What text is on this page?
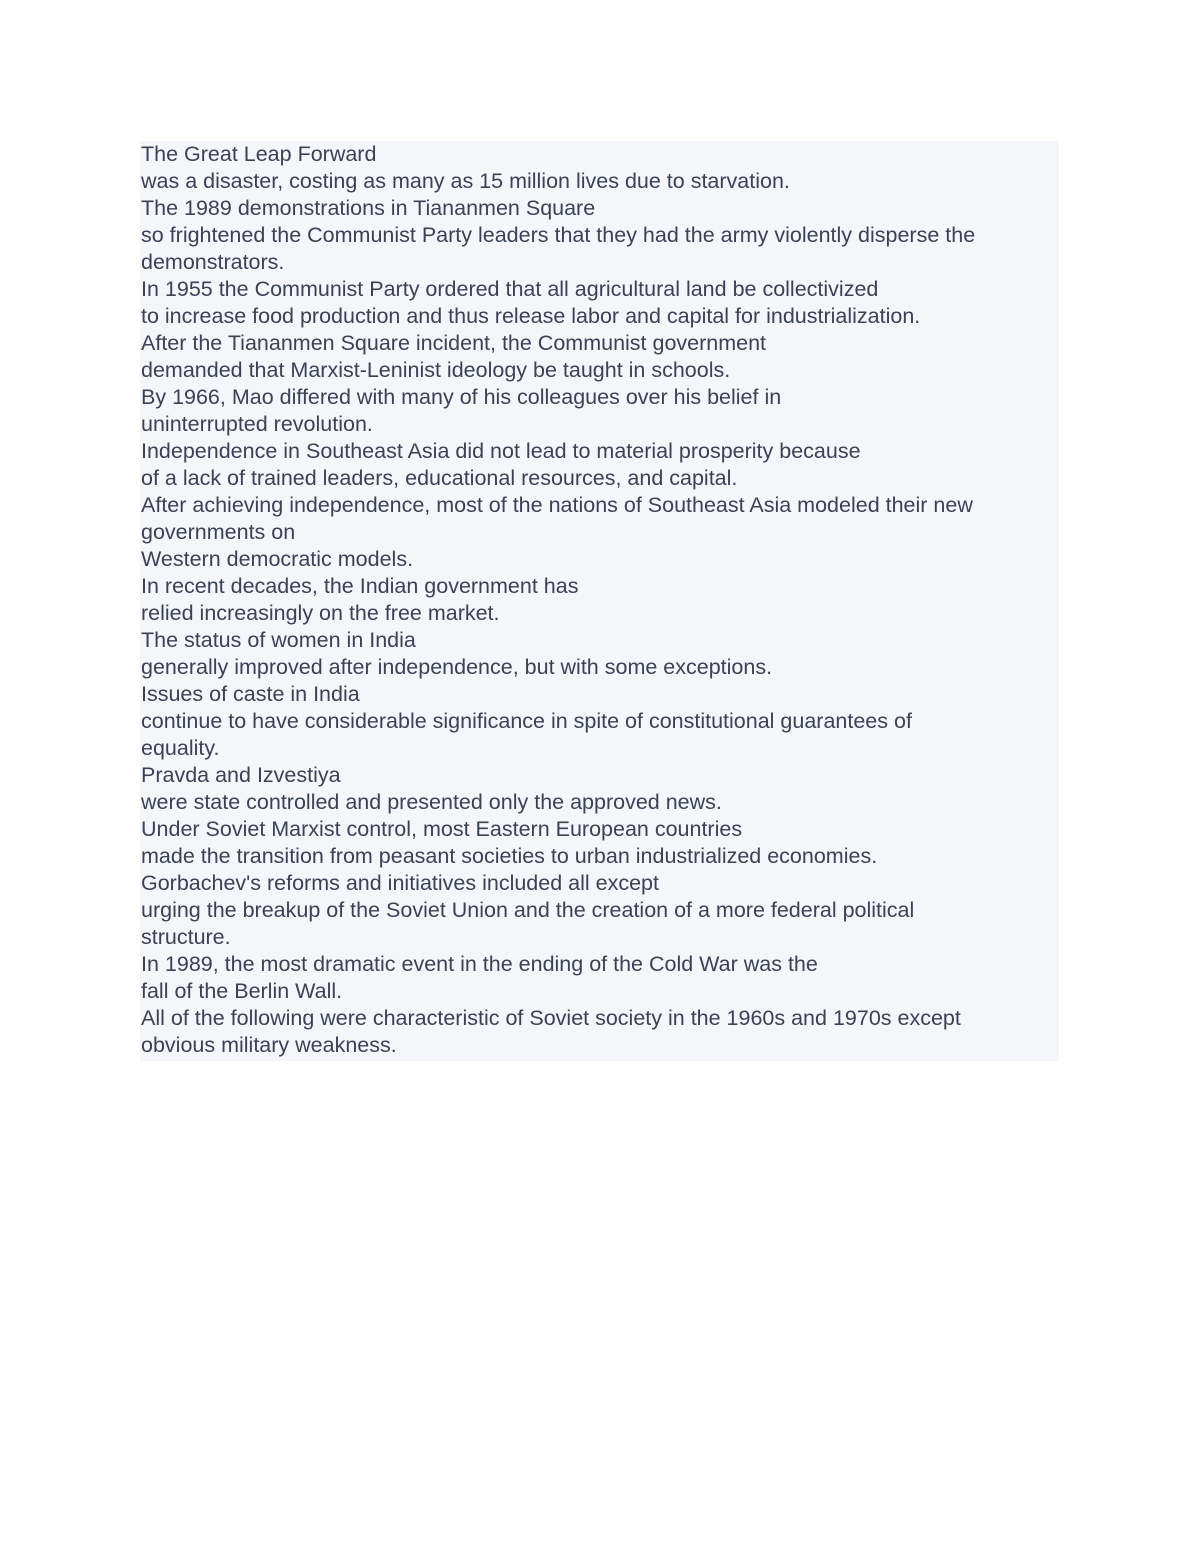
The Great Leap Forward
was a disaster, costing as many as 15 million lives due to starvation.
The 1989 demonstrations in Tiananmen Square
so frightened the Communist Party leaders that they had the army violently disperse the
demonstrators.
In 1955 the Communist Party ordered that all agricultural land be collectivized
to increase food production and thus release labor and capital for industrialization.
After the Tiananmen Square incident, the Communist government
demanded that Marxist-Leninist ideology be taught in schools.
By 1966, Mao differed with many of his colleagues over his belief in
uninterrupted revolution.
Independence in Southeast Asia did not lead to material prosperity because
of a lack of trained leaders, educational resources, and capital.
After achieving independence, most of the nations of Southeast Asia modeled their new
governments on
Western democratic models.
In recent decades, the Indian government has
relied increasingly on the free market.
The status of women in India
generally improved after independence, but with some exceptions.
Issues of caste in India
continue to have considerable significance in spite of constitutional guarantees of
equality.
Pravda and Izvestiya
were state controlled and presented only the approved news.
Under Soviet Marxist control, most Eastern European countries
made the transition from peasant societies to urban industrialized economies.
Gorbachev's reforms and initiatives included all except
urging the breakup of the Soviet Union and the creation of a more federal political
structure.
In 1989, the most dramatic event in the ending of the Cold War was the
fall of the Berlin Wall.
All of the following were characteristic of Soviet society in the 1960s and 1970s except
obvious military weakness.
